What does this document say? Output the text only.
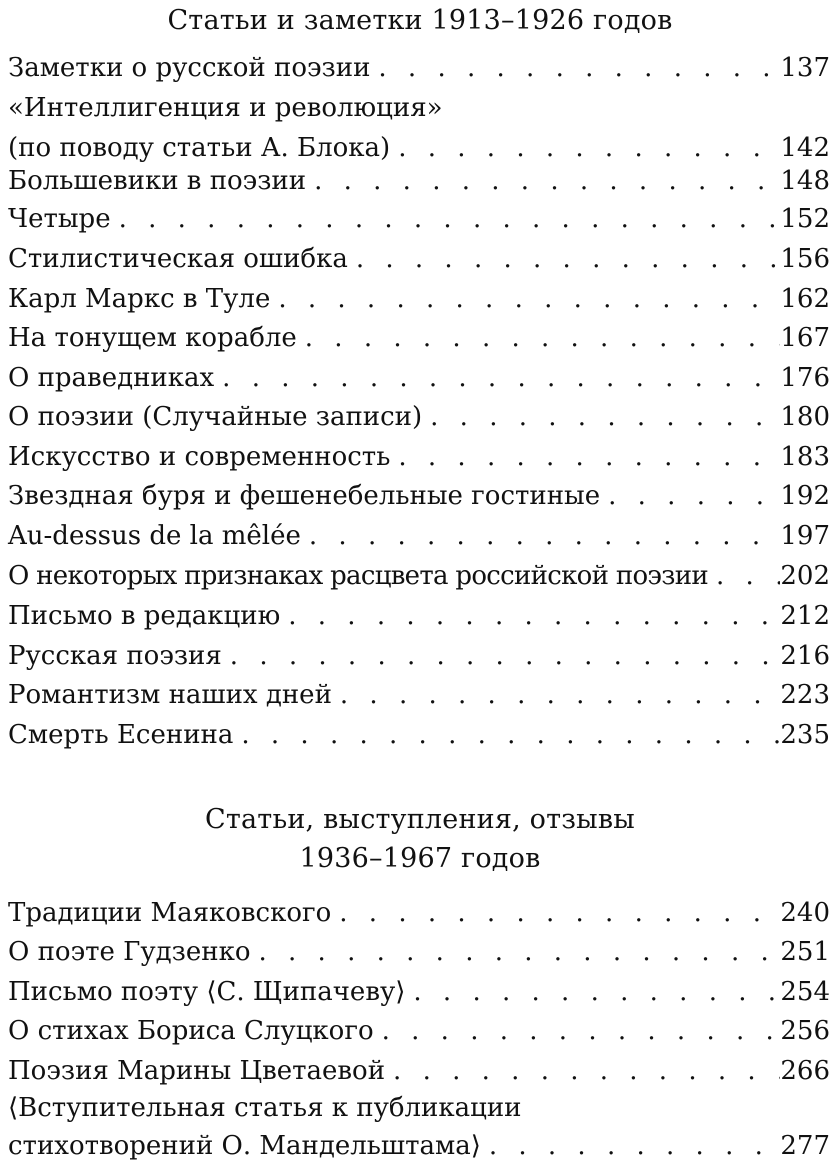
Статьи и заметки 1913–1926 годов
Заметки о русской поэзии . . .	137
«Интеллигенция и революция»
(по поводу статьи А. Блока) . . .	142
Большевики в поэзии . . .	148
Четыре . . .	152
Стилистическая ошибка . . .	156
Карл Маркс в Туле . . .	162
На тонущем корабле . . .	167
О праведниках . . .	176
О поэзии (Случайные записи) . . .	180
Искусство и современность . . .	183
Звездная буря и фешенебельные гостиные . . .	192
Au-dessus de la mêlée . . .	197
О некоторых признаках расцвета российской поэзии . . .	202
Письмо в редакцию . . .	212
Русская поэзия . . .	216
Романтизм наших дней . . .	223
Смерть Есенина . . .	235
Статьи, выступления, отзывы
1936–1967 годов
Традиции Маяковского . . .	240
О поэте Гудзенко . . .	251
Письмо поэту ⟨С. Щипачеву⟩ . . .	254
О стихах Бориса Слуцкого . . .	256
Поэзия Марины Цветаевой . . .	266
⟨Вступительная статья к публикации
стихотворений О. Мандельштама⟩ . . .	277
